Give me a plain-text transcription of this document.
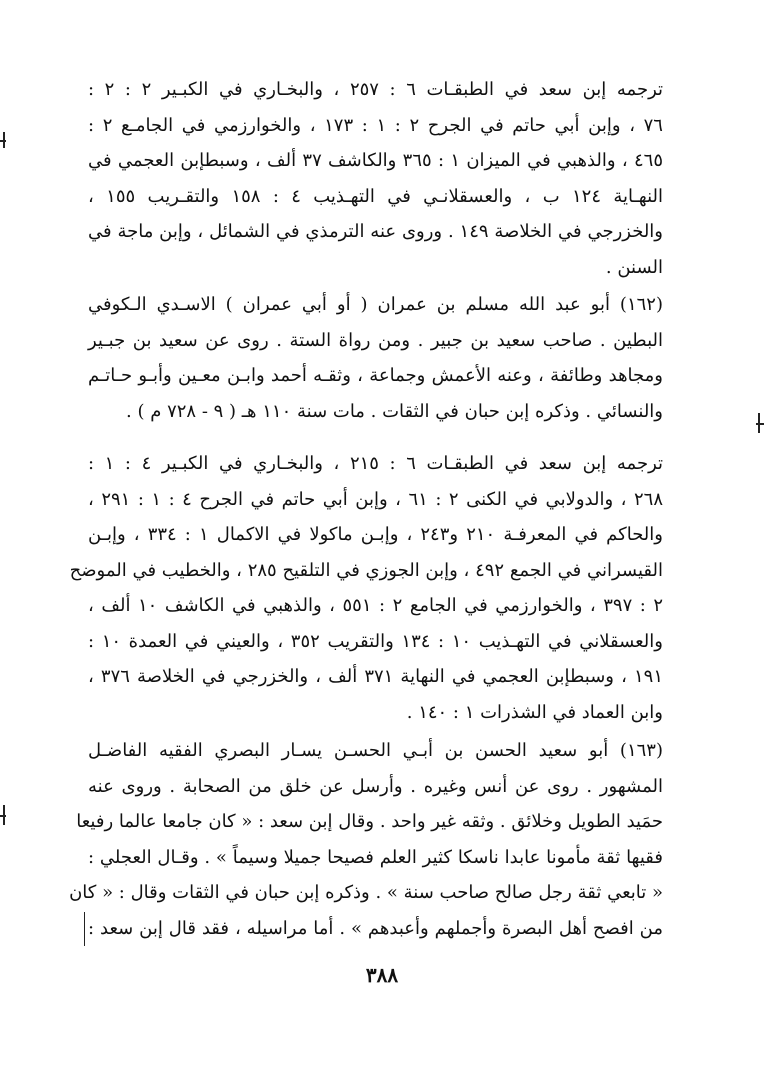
ترجمه إبن سعد في الطبقـات ٦ : ٢٥٧ ، والبخـاري في الكبـير ٢ : ٢ :
٧٦ ، وإبن أبي حاتم في الجرح ٢ : ١ : ١٧٣ ، والخوارزمي في الجامـع ٢ :
٤٦٥ ، والذهبي في الميزان ١ : ٣٦٥ والكاشف ٣٧ ألف ، وسبطإبن العجمي في
النهـاية ١٢٤ ب ، والعسقلانـي في التهـذيب ٤ : ١٥٨ والتقـريب ١٥٥ ،
والخزرجي في الخلاصة ١٤٩ . وروى عنه الترمذي في الشمائل ، وإبن ماجة في
السنن .
(١٦٢) أبو عبد الله مسلم بن عمران ( أو أبي عمران ) الاسـدي الـكوفي
البطين . صاحب سعيد بن جبير . ومن رواة الستة . روى عن سعيد بن جبـير
ومجاهد وطائفة ، وعنه الأعمش وجماعة ، وثقـه أحمد وابـن معـين وأبـو حـاتـم
والنسائي . وذكره إبن حبان في الثقات . مات سنة ١١٠ هـ ( ٩ - ٧٢٨ م ) .
ترجمه إبن سعد في الطبقـات ٦ : ٢١٥ ، والبخـاري في الكبـير ٤ : ١ :
٢٦٨ ، والدولابي في الكنى ٢ : ٦١ ، وإبن أبي حاتم في الجرح ٤ : ١ : ٢٩١ ،
والحاكم في المعرفـة ٢١٠ و٢٤٣ ، وإبـن ماكولا في الاكمال ١ : ٣٣٤ ، وإبـن
القيسراني في الجمع ٤٩٢ ، وإبن الجوزي في التلقيح ٢٨٥ ، والخطيب في الموضح
٢ : ٣٩٧ ، والخوارزمي في الجامع ٢ : ٥٥١ ، والذهبي في الكاشف ١٠ ألف ،
والعسقلاني في التهـذيب ١٠ : ١٣٤ والتقريب ٣٥٢ ، والعيني في العمدة ١٠ :
١٩١ ، وسبطإبن العجمي في النهاية ٣٧١ ألف ، والخزرجي في الخلاصة ٣٧٦ ،
وابن العماد في الشذرات ١ : ١٤٠ .
(١٦٣) أبو سعيد الحسن بن أبـي الحسـن يسـار البصري الفقيه الفاضـل
المشهور . روى عن أنس وغيره . وأرسل عن خلق من الصحابة . وروى عنه
حمَيد الطويل وخلائق . وثقه غير واحد . وقال إبن سعد : « كان جامعا عالما رفيعا
فقيها ثقة مأمونا عابدا ناسكا كثير العلم فصيحا جميلا وسيماً » . وقـال العجلي :
« تابعي ثقة رجل صالح صاحب سنة » . وذكره إبن حبان في الثقات وقال : « كان
من افصح أهل البصرة وأجملهم وأعبدهم » . أما مراسيله ، فقد قال إبن سعد :
٣٨٨
